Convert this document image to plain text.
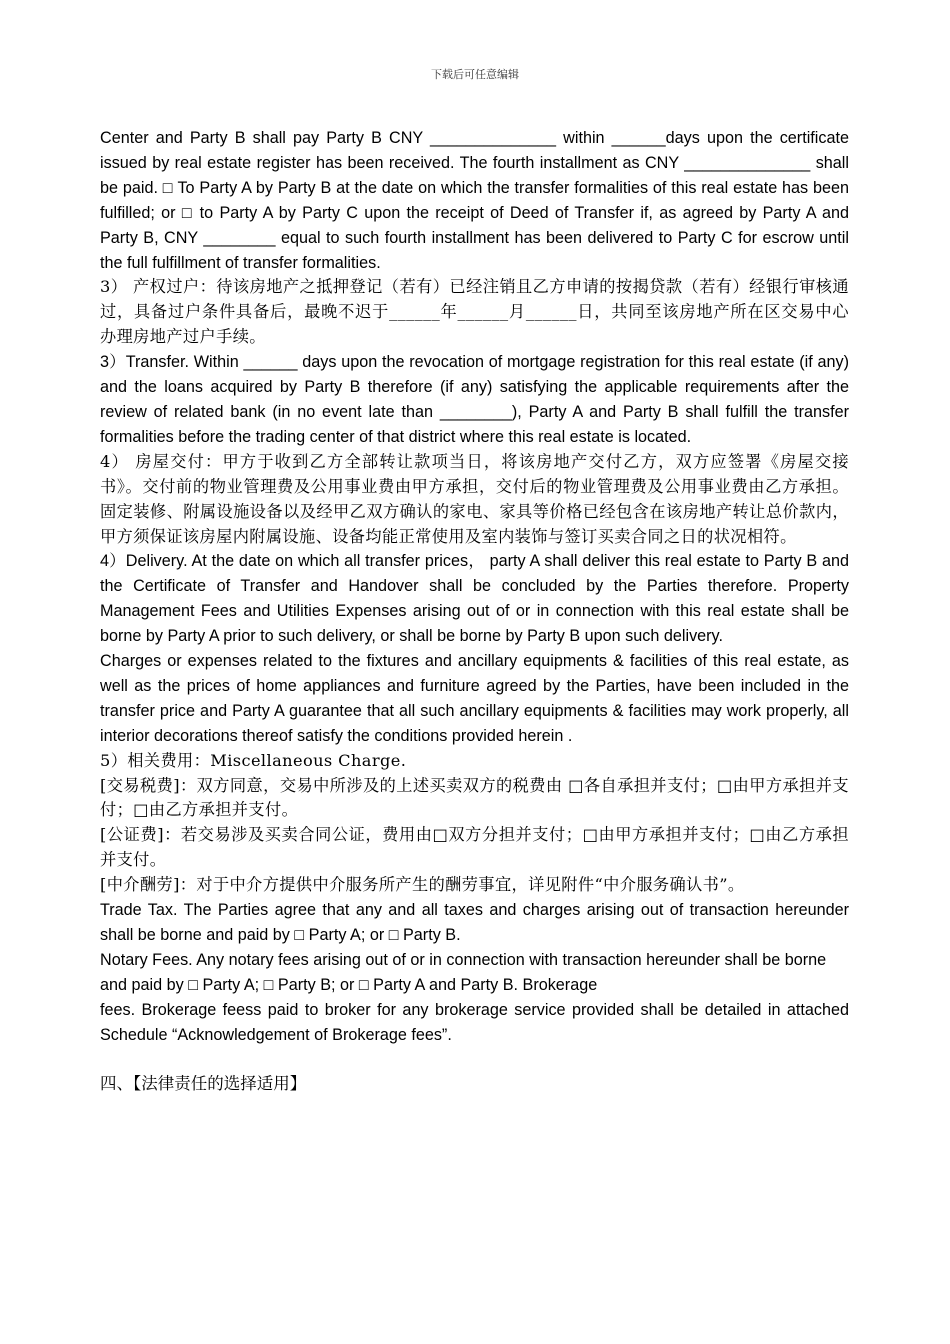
下载后可任意编辑

Center and Party B shall pay Party B CNY ______________ within ______days upon the certificate issued by real estate register has been received. The fourth installment as CNY ______________ shall be paid. □ To Party A by Party B at the date on which the transfer formalities of this real estate has been fulfilled; or □ to Party A by Party C upon the receipt of Deed of Transfer if, as agreed by Party A and Party B, CNY ________ equal to such fourth installment has been delivered to Party C for escrow until the full fulfillment of transfer formalities.

3） 产权过户：待该房地产之抵押登记（若有）已经注销且乙方申请的按揭贷款（若有）经银行审核通过，具备过户条件具备后，最晚不迟于______年______月______日，共同至该房地产所在区交易中心办理房地产过户手续。

3）Transfer. Within ______ days upon the revocation of mortgage registration for this real estate (if any) and the loans acquired by Party B therefore (if any) satisfying the applicable requirements after the review of related bank (in no event late than ________), Party A and Party B shall fulfill the transfer formalities before the trading center of that district where this real estate is located.

4） 房屋交付：甲方于收到乙方全部转让款项当日，将该房地产交付乙方，双方应签署《房屋交接书》。交付前的物业管理费及公用事业费由甲方承担，交付后的物业管理费及公用事业费由乙方承担。固定装修、附属设施设备以及经甲乙双方确认的家电、家具等价格已经包含在该房地产转让总价款内，甲方须保证该房屋内附属设施、设备均能正常使用及室内装饰与签订买卖合同之日的状况相符。

4）Delivery. At the date on which all transfer prices， party A shall deliver this real estate to Party B and the Certificate of Transfer and Handover shall be concluded by the Parties therefore. Property Management Fees and Utilities Expenses arising out of or in connection with this real estate shall be borne by Party A prior to such delivery, or shall be borne by Party B upon such delivery.

Charges or expenses related to the fixtures and ancillary equipments & facilities of this real estate, as well as the prices of home appliances and furniture agreed by the Parties, have been included in the transfer price and Party A guarantee that all such ancillary equipments & facilities may work properly, all interior decorations thereof satisfy the conditions provided herein .

5）相关费用：Miscellaneous Charge.

[交易税费]：双方同意，交易中所涉及的上述买卖双方的税费由 □各自承担并支付；□由甲方承担并支付；□由乙方承担并支付。

[公证费]：若交易涉及买卖合同公证，费用由□双方分担并支付；□由甲方承担并支付；□由乙方承担并支付。

[中介酬劳]：对于中介方提供中介服务所产生的酬劳事宜，详见附件“中介服务确认书”。

Trade Tax. The Parties agree that any and all taxes and charges arising out of transaction hereunder shall be borne and paid by □ Party A; or □ Party B.

Notary Fees. Any notary fees arising out of or in connection with transaction hereunder shall be borne and paid by □ Party A; □ Party B; or □ Party A and Party B. Brokerage

fees. Brokerage feess paid to broker for any brokerage service provided shall be detailed in attached Schedule “Acknowledgement of Brokerage fees”.

四、【法律责任的选择适用】
